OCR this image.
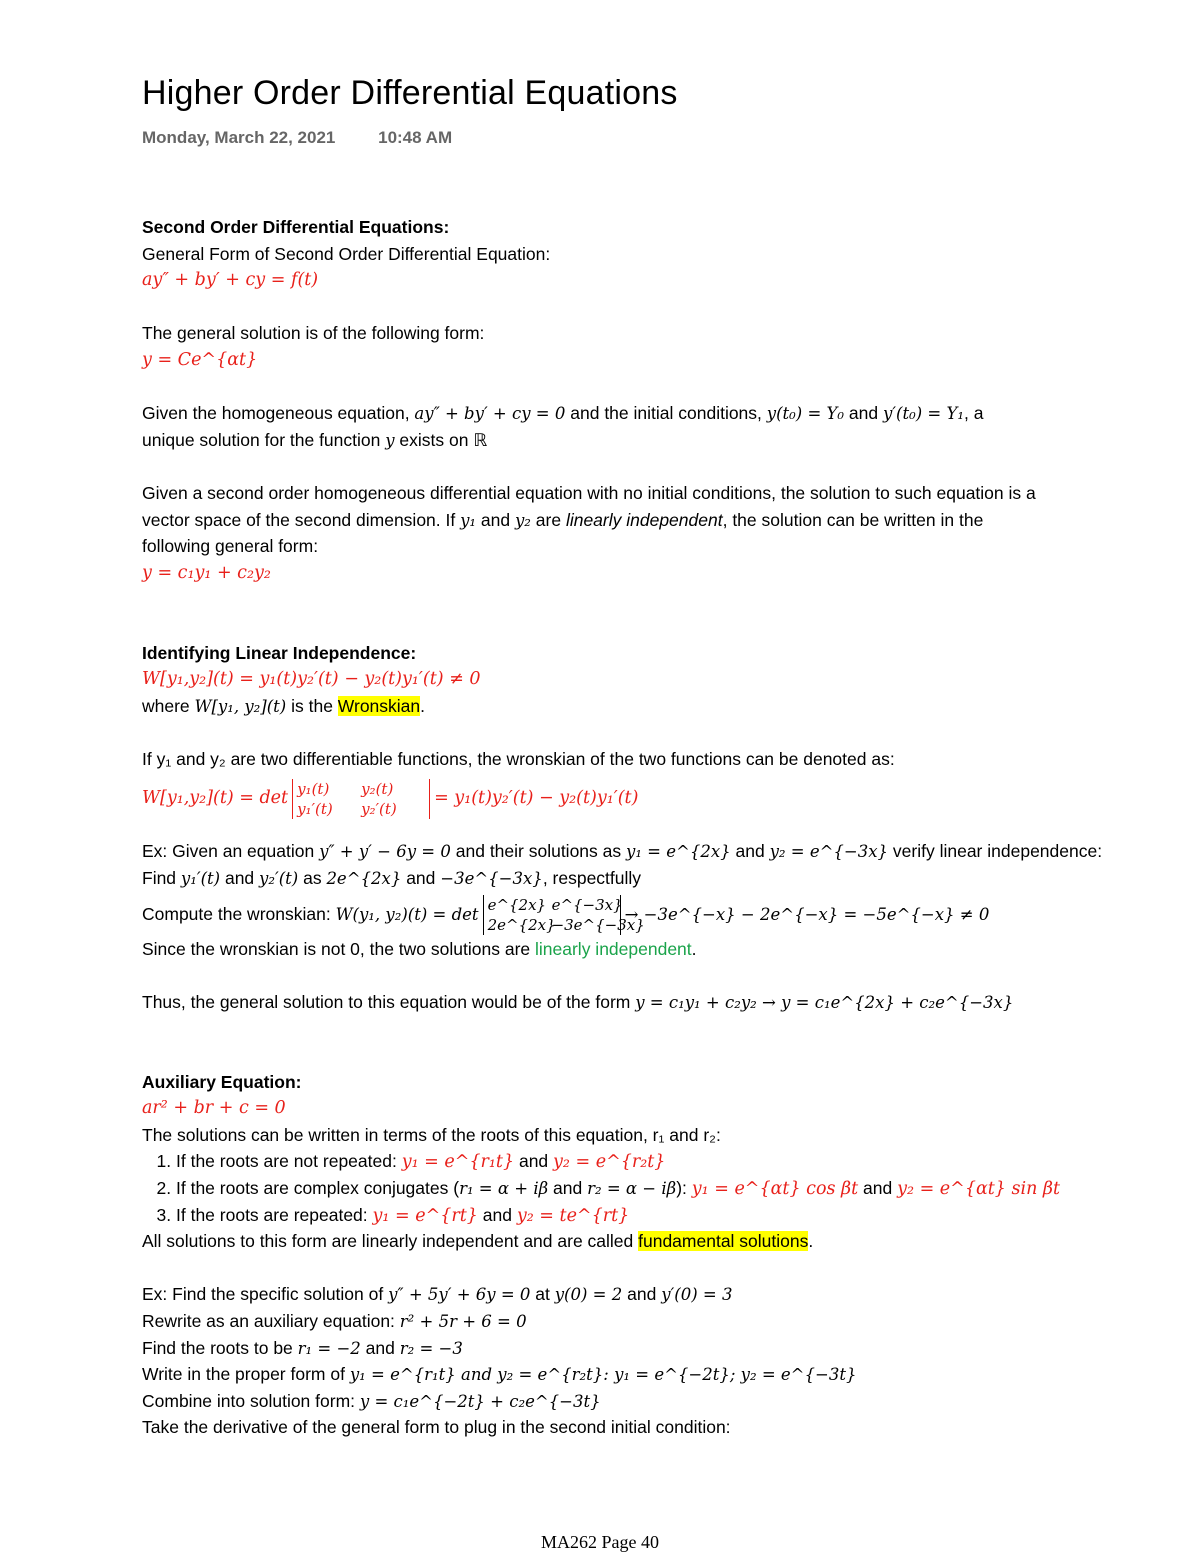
Higher Order Differential Equations
Monday, March 22, 2021	10:48 AM
Second Order Differential Equations:
General Form of Second Order Differential Equation:
ay″ + by′ + cy = f(t)
The general solution is of the following form:
y = Ce^{αt}
Given the homogeneous equation, ay″ + by′ + cy = 0 and the initial conditions, y(t₀) = Y₀ and y′(t₀) = Y₁, a
unique solution for the function y exists on ℝ
Given a second order homogeneous differential equation with no initial conditions, the solution to such equation is a
vector space of the second dimension. If y₁ and y₂ are linearly independent, the solution can be written in the
following general form:
y = c₁y₁ + c₂y₂
Identifying Linear Independence:
W[y₁,y₂](t) = y₁(t)y₂′(t) − y₂(t)y₁′(t) ≠ 0
where W[y₁, y₂](t) is the Wronskian.
If y₁ and y₂ are two differentiable functions, the wronskian of the two functions can be denoted as:
W[y₁,y₂](t) = det y₁(t) y₂(t)
y₁′(t) y₂′(t)= y₁(t)y₂′(t) − y₂(t)y₁′(t)
Ex: Given an equation y″ + y′ − 6y = 0 and their solutions as y₁ = e^{2x} and y₂ = e^{−3x} verify linear independence:
Find y₁′(t) and y₂′(t) as 2e^{2x} and −3e^{−3x}, respectfully
Compute the wronskian: W(y₁, y₂)(t) = det e^{2x} e^{−3x}
2e^{2x}−3e^{−3x}→ −3e^{−x} − 2e^{−x} = −5e^{−x} ≠ 0
Since the wronskian is not 0, the two solutions are linearly independent.
Thus, the general solution to this equation would be of the form y = c₁y₁ + c₂y₂ → y = c₁e^{2x} + c₂e^{−3x}
Auxiliary Equation:
ar² + br + c = 0
The solutions can be written in terms of the roots of this equation, r₁ and r₂:
1. If the roots are not repeated: y₁ = e^{r₁t} and y₂ = e^{r₂t}
2. If the roots are complex conjugates (r₁ = α + iβ and r₂ = α − iβ): y₁ = e^{αt} cos βt and y₂ = e^{αt} sin βt
3. If the roots are repeated: y₁ = e^{rt} and y₂ = te^{rt}
All solutions to this form are linearly independent and are called fundamental solutions.
Ex: Find the specific solution of y″ + 5y′ + 6y = 0 at y(0) = 2 and y′(0) = 3
Rewrite as an auxiliary equation: r² + 5r + 6 = 0
Find the roots to be r₁ = −2 and r₂ = −3
Write in the proper form of y₁ = e^{r₁t} and y₂ = e^{r₂t}: y₁ = e^{−2t}; y₂ = e^{−3t}
Combine into solution form: y = c₁e^{−2t} + c₂e^{−3t}
Take the derivative of the general form to plug in the second initial condition:
MA262 Page 40
